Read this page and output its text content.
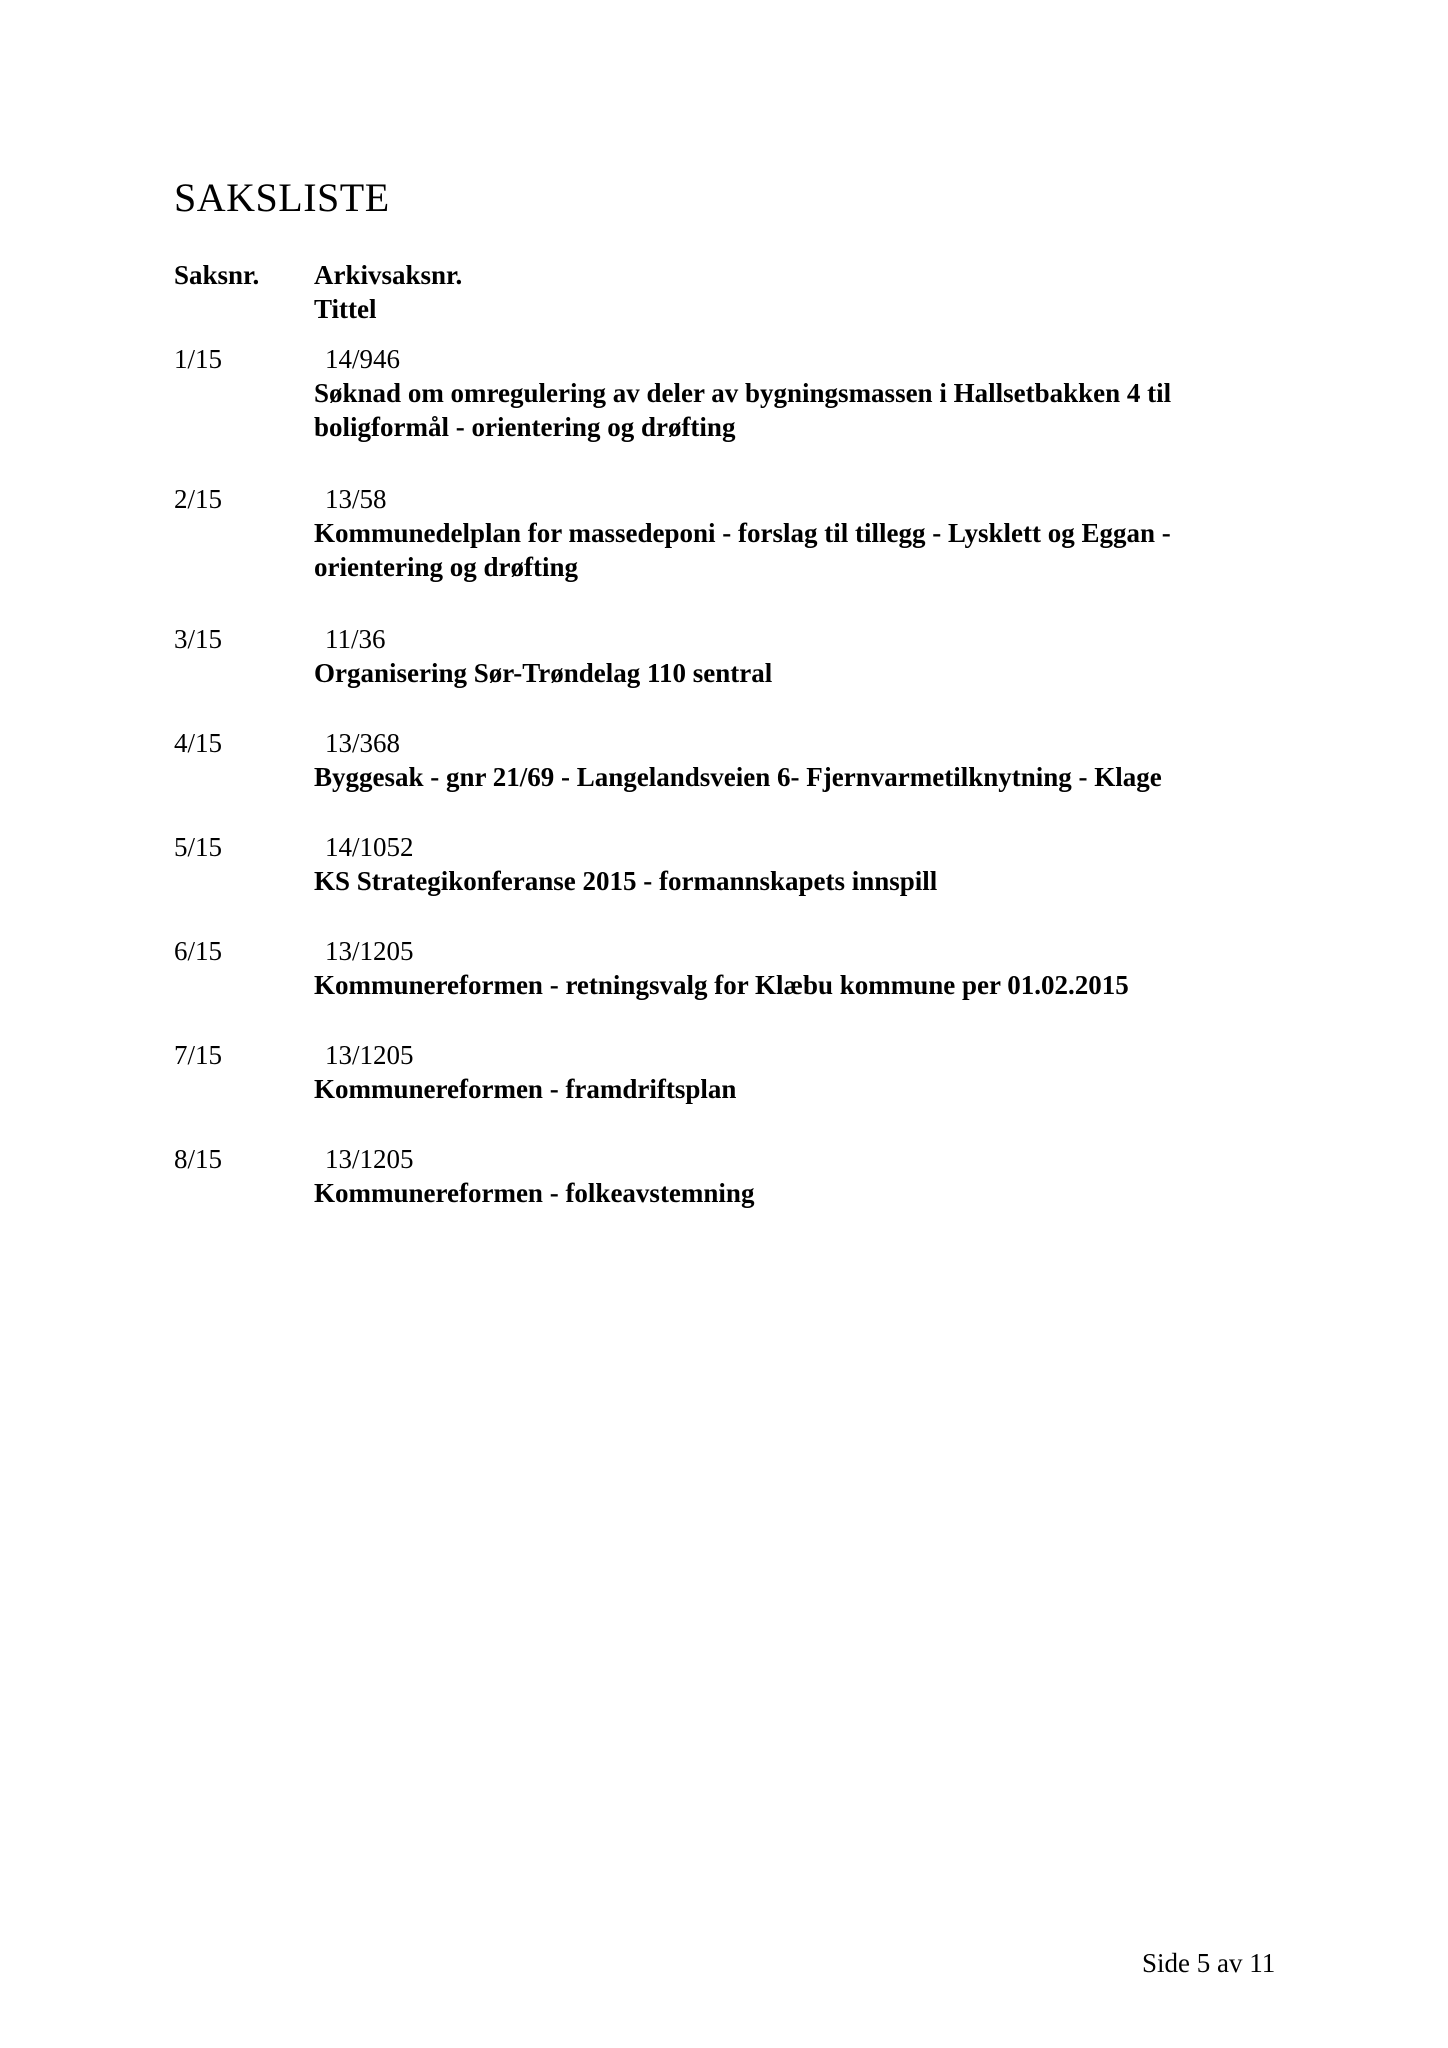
SAKSLISTE
Saksnr. Arkivsaksnr.
Tittel
1/15	14/946
Søknad om omregulering av deler av bygningsmassen i Hallsetbakken 4 til
boligformål - orientering og drøfting
2/15	13/58
Kommunedelplan for massedeponi - forslag til tillegg - Lysklett og Eggan -
orientering og drøfting
3/15	11/36
Organisering Sør-Trøndelag 110 sentral
4/15	13/368
Byggesak - gnr 21/69 - Langelandsveien 6- Fjernvarmetilknytning - Klage
5/15	14/1052
KS Strategikonferanse 2015 - formannskapets innspill
6/15	13/1205
Kommunereformen - retningsvalg for Klæbu kommune per 01.02.2015
7/15	13/1205
Kommunereformen - framdriftsplan
8/15	13/1205
Kommunereformen - folkeavstemning
Side 5 av 11
